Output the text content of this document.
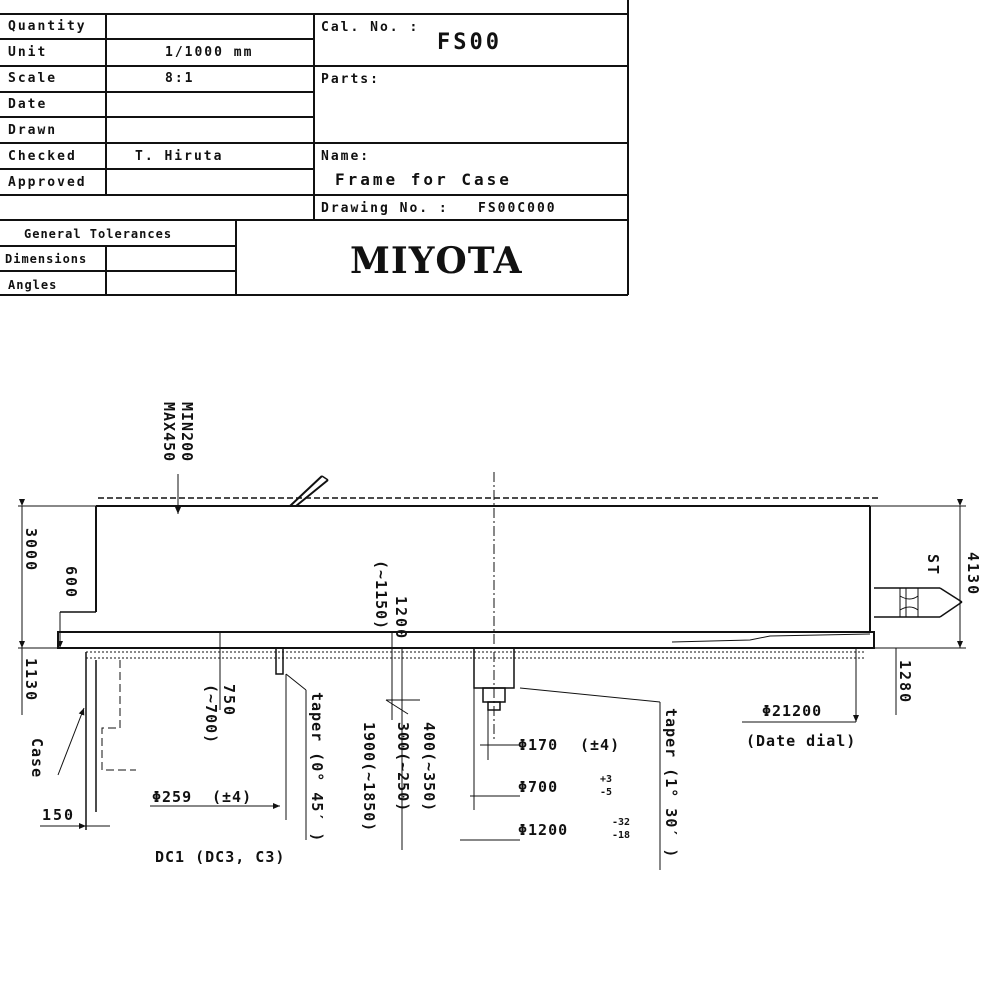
Quantity
Unit	1/1000 mm
Scale	8:1
Date
Drawn
Checked	T. Hiruta
Approved
Cal. No. :
FS00
Parts:
Name:
Frame for Case
Drawing No. : FS00C000
General Tolerances
Dimensions
Angles
MIYOTA
MIN200
MAX450
3000
600
1130
1200
(~1150)
750
(~700)
4130
1280
ST
Case	taper (0° 45′ ) 1900(~1850) 300(~250) 400(~350)	taper (1° 30′ )
150
Φ259 (±4)
DC1 (DC3, C3)
Φ170 (±4)
Φ700	+3
-5
Φ1200	-32
-18
Φ21200
(Date dial)
